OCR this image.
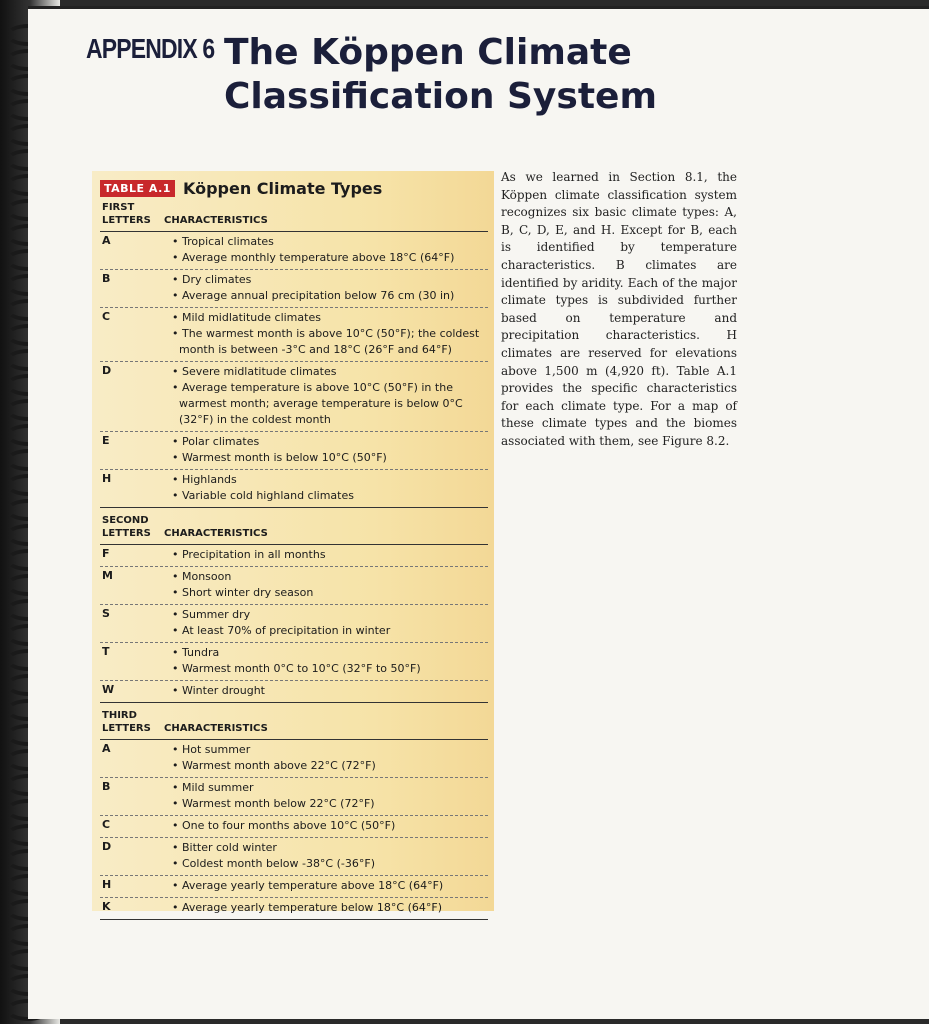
APPENDIX 6 The Köppen Climate
Classification System
TABLE A.1 Köppen Climate Types
FIRST
LETTERS CHARACTERISTICS
A	• Tropical climates
• Average monthly temperature above 18°C (64°F)
B	• Dry climates
• Average annual precipitation below 76 cm (30 in)
C	• Mild midlatitude climates
• The warmest month is above 10°C (50°F); the coldest
month is between -3°C and 18°C (26°F and 64°F)
D	• Severe midlatitude climates
• Average temperature is above 10°C (50°F) in the
warmest month; average temperature is below 0°C
(32°F) in the coldest month
E	• Polar climates
• Warmest month is below 10°C (50°F)
H	• Highlands
• Variable cold highland climates
SECOND
LETTERS CHARACTERISTICS
F	• Precipitation in all months
M	• Monsoon
• Short winter dry season
S	• Summer dry
• At least 70% of precipitation in winter
T	• Tundra
• Warmest month 0°C to 10°C (32°F to 50°F)
W	• Winter drought
THIRD
LETTERS CHARACTERISTICS
A	• Hot summer
• Warmest month above 22°C (72°F)
B	• Mild summer
• Warmest month below 22°C (72°F)
C	• One to four months above 10°C (50°F)
D	• Bitter cold winter
• Coldest month below -38°C (-36°F)
H	• Average yearly temperature above 18°C (64°F)
K	• Average yearly temperature below 18°C (64°F)
As we learned in Section 8.1, the Köppen climate classification system recognizes six basic climate types: A, B, C, D, E, and H. Except for B, each is identified by temperature characteristics. B climates are identified by aridity. Each of the major climate types is subdivided further based on temperature and precipitation characteristics. H climates are reserved for elevations above 1,500 m (4,920 ft). Table A.1 provides the specific characteristics for each climate type. For a map of these climate types and the biomes associated with them, see Figure 8.2.
